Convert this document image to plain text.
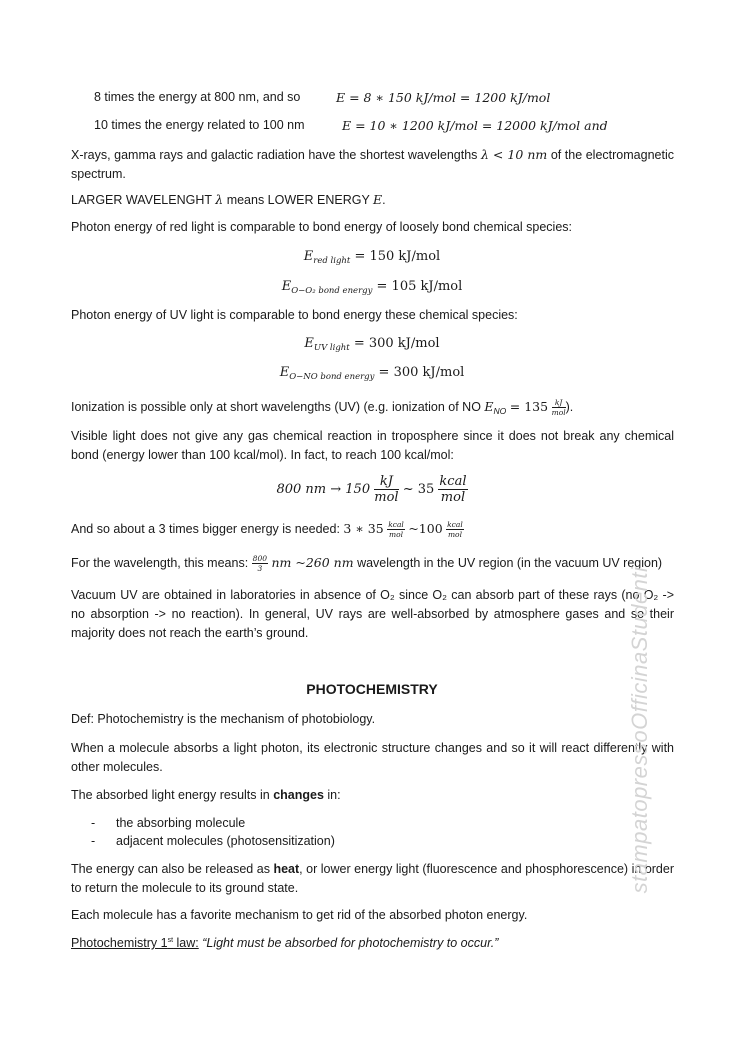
8 times the energy at 800 nm, and so	E = 8 ∗ 150 kJ/mol = 1200 kJ/mol
10 times the energy related to 100 nm	E = 10 ∗ 1200 kJ/mol = 12000 kJ/mol and
X-rays, gamma rays and galactic radiation have the shortest wavelengths λ < 10 nm of the electromagnetic spectrum.
LARGER WAVELENGHT λ means LOWER ENERGY E.
Photon energy of red light is comparable to bond energy of loosely bond chemical species:
$E_{red light} = 150$ kJ/mol
$E_{O-O_2 bond energy} = 105$ kJ/mol
Photon energy of UV light is comparable to bond energy these chemical species:
$E_{UV light} = 300$ kJ/mol
$E_{O-NO bond energy} = 300$ kJ/mol
Ionization is possible only at short wavelengths (UV) (e.g. ionization of NO $E_{NO} = 135 \frac{kJ}{\text{mol}}$ ).
Visible light does not give any gas chemical reaction in troposphere since it does not break any chemical bond (energy lower than 100 kcal/mol). In fact, to reach 100 kcal/mol:
800 nm → $150 \frac{kJ}{\text{mol}}$ ~ $35 \frac{\text{kcal}}{\text{mol}}$
And so about a 3 times bigger energy is needed: 3 ∗ $35 \frac{\text{kcal}}{\text{mol}}$ ~100 $\frac{\text{kcal}}{\text{mol}}$
For the wavelength, this means: $\frac{800}{3}$ nm ~260 nm wavelength in the UV region (in the vacuum UV region)
Vacuum UV are obtained in laboratories in absence of O₂ since O₂ can absorb part of these rays (no O₂ -> no absorption -> no reaction). In general, UV rays are well-absorbed by atmosphere gases and so their majority does not reach the earth’s ground.
PHOTOCHEMISTRY
Def: Photochemistry is the mechanism of photobiology.
When a molecule absorbs a light photon, its electronic structure changes and so it will react differently with other molecules.
The absorbed light energy results in changes in:
- the absorbing molecule
- adjacent molecules (photosensitization)
The energy can also be released as heat, or lower energy light (fluorescence and phosphorescence) in order to return the molecule to its ground state.
Each molecule has a favorite mechanism to get rid of the absorbed photon energy.
Photochemistry 1st law: “Light must be absorbed for photochemistry to occur.”
stampatopressoOfficinaStudenti
